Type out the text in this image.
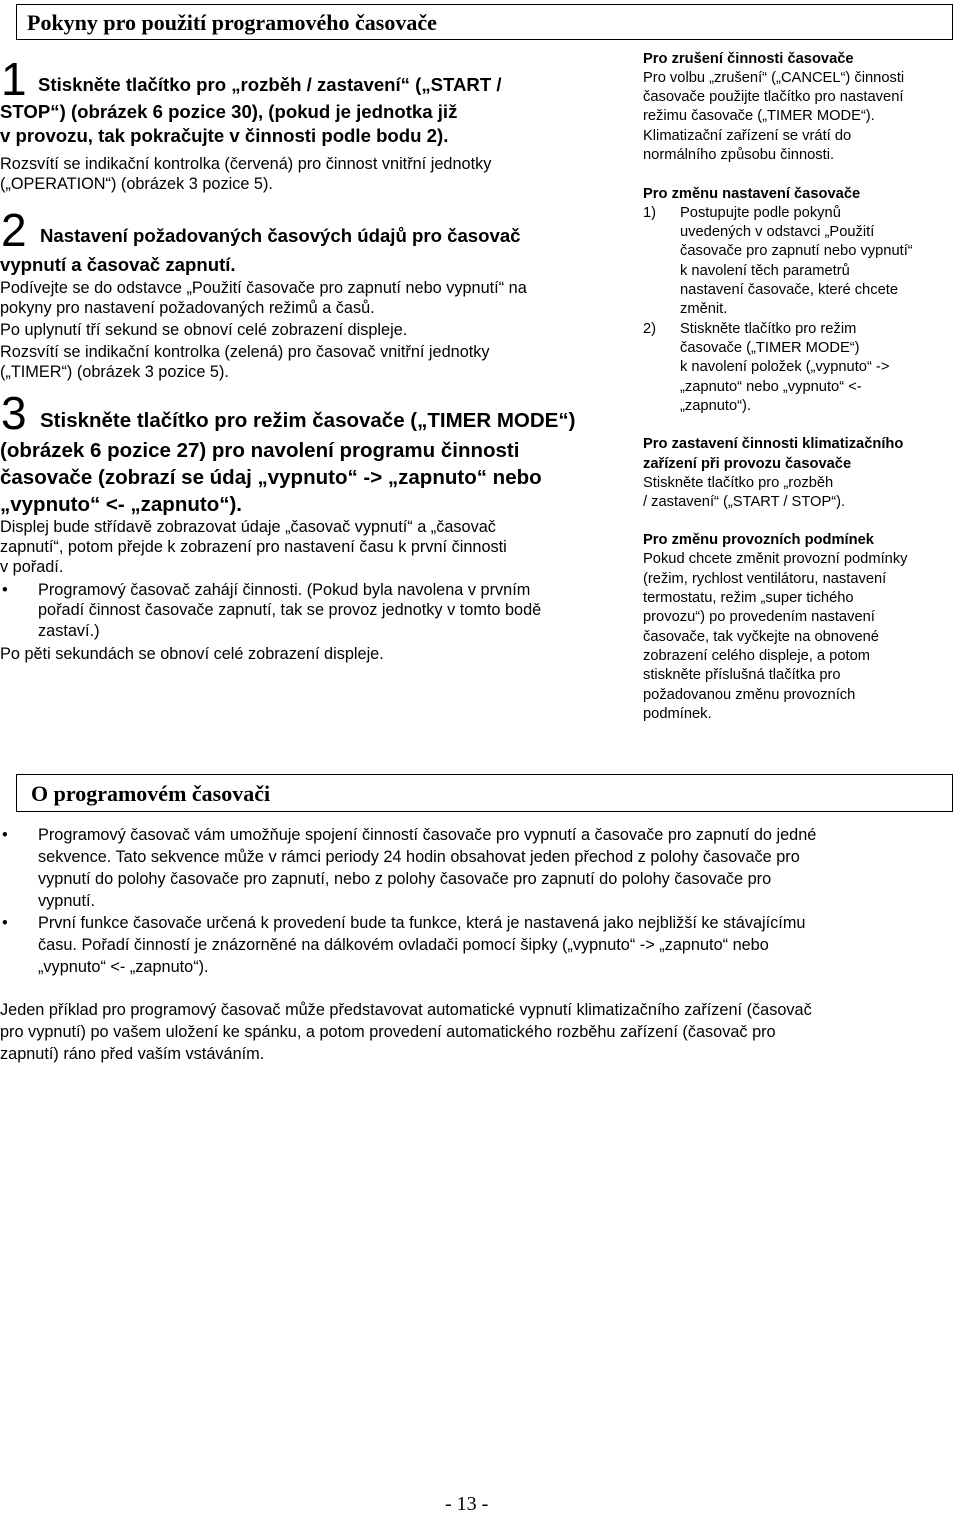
Pokyny pro použití programového časovače
1 Stiskněte tlačítko pro „rozběh / zastavení“ („START /
STOP“) (obrázek 6 pozice 30), (pokud je jednotka již
v provozu, tak pokračujte v činnosti podle bodu 2).
Rozsvítí se indikační kontrolka (červená) pro činnost vnitřní jednotky
(„OPERATION“) (obrázek 3 pozice 5).
2 Nastavení požadovaných časových údajů pro časovač
vypnutí a časovač zapnutí.
Podívejte se do odstavce „Použití časovače pro zapnutí nebo vypnutí“ na
pokyny pro nastavení požadovaných režimů a časů.
Po uplynutí tří sekund se obnoví celé zobrazení displeje.
Rozsvítí se indikační kontrolka (zelená) pro časovač vnitřní jednotky
(„TIMER“) (obrázek 3 pozice 5).
3 Stiskněte tlačítko pro režim časovače („TIMER MODE“)
(obrázek 6 pozice 27) pro navolení programu činnosti
časovače (zobrazí se údaj „vypnuto“ -> „zapnuto“ nebo
„vypnuto“ <- „zapnuto“).
Displej bude střídavě zobrazovat údaje „časovač vypnutí“ a „časovač
zapnutí“, potom přejde k zobrazení pro nastavení času k první činnosti
v pořadí.
• Programový časovač zahájí činnosti. (Pokud byla navolena v prvním
pořadí činnost časovače zapnutí, tak se provoz jednotky v tomto bodě
zastaví.)
Po pěti sekundách se obnoví celé zobrazení displeje.
Pro zrušení činnosti časovače
Pro volbu „zrušení“ („CANCEL“) činnosti
časovače použijte tlačítko pro nastavení
režimu časovače („TIMER MODE“).
Klimatizační zařízení se vrátí do
normálního způsobu činnosti.
Pro změnu nastavení časovače
1) Postupujte podle pokynů
uvedených v odstavci „Použití
časovače pro zapnutí nebo vypnutí“
k navolení těch parametrů
nastavení časovače, které chcete
změnit.
2) Stiskněte tlačítko pro režim
časovače („TIMER MODE“)
k navolení položek („vypnuto“ ->
„zapnuto“ nebo „vypnuto“ <-
„zapnuto“).
Pro zastavení činnosti klimatizačního
zařízení při provozu časovače
Stiskněte tlačítko pro „rozběh
/ zastavení“ („START / STOP“).
Pro změnu provozních podmínek
Pokud chcete změnit provozní podmínky
(režim, rychlost ventilátoru, nastavení
termostatu, režim „super tichého
provozu“) po provedením nastavení
časovače, tak vyčkejte na obnovené
zobrazení celého displeje, a potom
stiskněte příslušná tlačítka pro
požadovanou změnu provozních
podmínek.
O programovém časovači
• Programový časovač vám umožňuje spojení činností časovače pro vypnutí a časovače pro zapnutí do jedné
sekvence. Tato sekvence může v rámci periody 24 hodin obsahovat jeden přechod z polohy časovače pro
vypnutí do polohy časovače pro zapnutí, nebo z polohy časovače pro zapnutí do polohy časovače pro
vypnutí.
• První funkce časovače určená k provedení bude ta funkce, která je nastavená jako nejbližší ke stávajícímu
času. Pořadí činností je znázorněné na dálkovém ovladači pomocí šipky („vypnuto“ -> „zapnuto“ nebo
„vypnuto“ <- „zapnuto“).
Jeden příklad pro programový časovač může představovat automatické vypnutí klimatizačního zařízení (časovač
pro vypnutí) po vašem uložení ke spánku, a potom provedení automatického rozběhu zařízení (časovač pro
zapnutí) ráno před vaším vstáváním.
- 13 -
